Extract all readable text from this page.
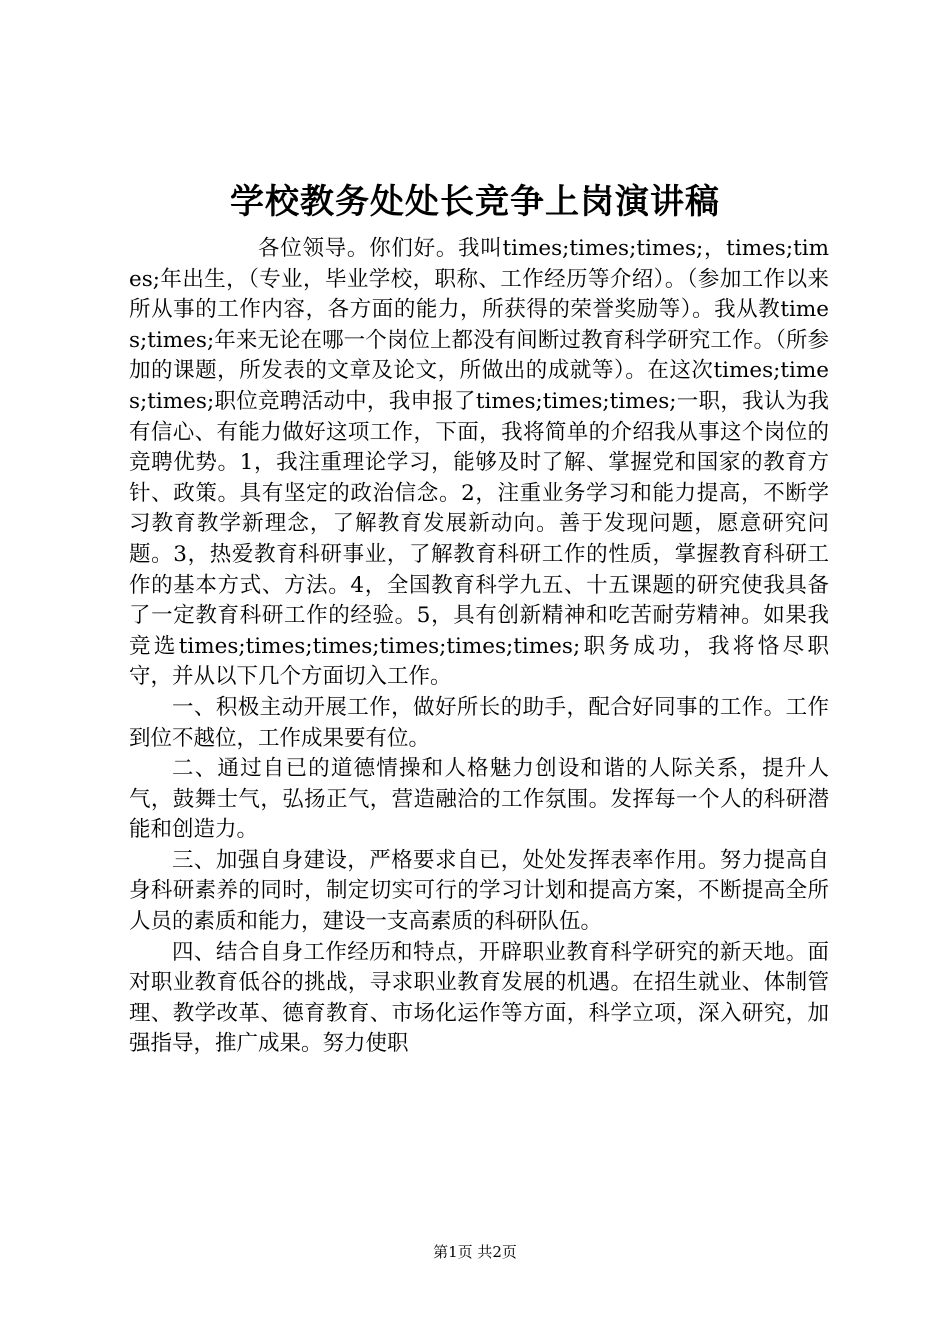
学校教务处处长竞争上岗演讲稿

各位领导。你们好。我叫times;times;times;，times;times;年出生，（专业，毕业学校，职称、工作经历等介绍）。（参加工作以来所从事的工作内容，各方面的能力，所获得的荣誉奖励等）。我从教times;times;年来无论在哪一个岗位上都没有间断过教育科学研究工作。（所参加的课题，所发表的文章及论文，所做出的成就等）。在这次times;times;times;职位竞聘活动中，我申报了times;times;times;一职，我认为我有信心、有能力做好这项工作，下面，我将简单的介绍我从事这个岗位的竞聘优势。1，我注重理论学习，能够及时了解、掌握党和国家的教育方针、政策。具有坚定的政治信念。2，注重业务学习和能力提高，不断学习教育教学新理念，了解教育发展新动向。善于发现问题，愿意研究问题。3，热爱教育科研事业，了解教育科研工作的性质，掌握教育科研工作的基本方式、方法。4，全国教育科学九五、十五课题的研究使我具备了一定教育科研工作的经验。5，具有创新精神和吃苦耐劳精神。如果我竞选times;times;times;times;times;times;职务成功，我将恪尽职守，并从以下几个方面切入工作。

一、积极主动开展工作，做好所长的助手，配合好同事的工作。工作到位不越位，工作成果要有位。

二、通过自已的道德情操和人格魅力创设和谐的人际关系，提升人气，鼓舞士气，弘扬正气，营造融洽的工作氛围。发挥每一个人的科研潜能和创造力。

三、加强自身建设，严格要求自已，处处发挥表率作用。努力提高自身科研素养的同时，制定切实可行的学习计划和提高方案，不断提高全所人员的素质和能力，建设一支高素质的科研队伍。

四、结合自身工作经历和特点，开辟职业教育科学研究的新天地。面对职业教育低谷的挑战，寻求职业教育发展的机遇。在招生就业、体制管理、教学改革、德育教育、市场化运作等方面，科学立项，深入研究，加强指导，推广成果。努力使职

第1页 共2页
